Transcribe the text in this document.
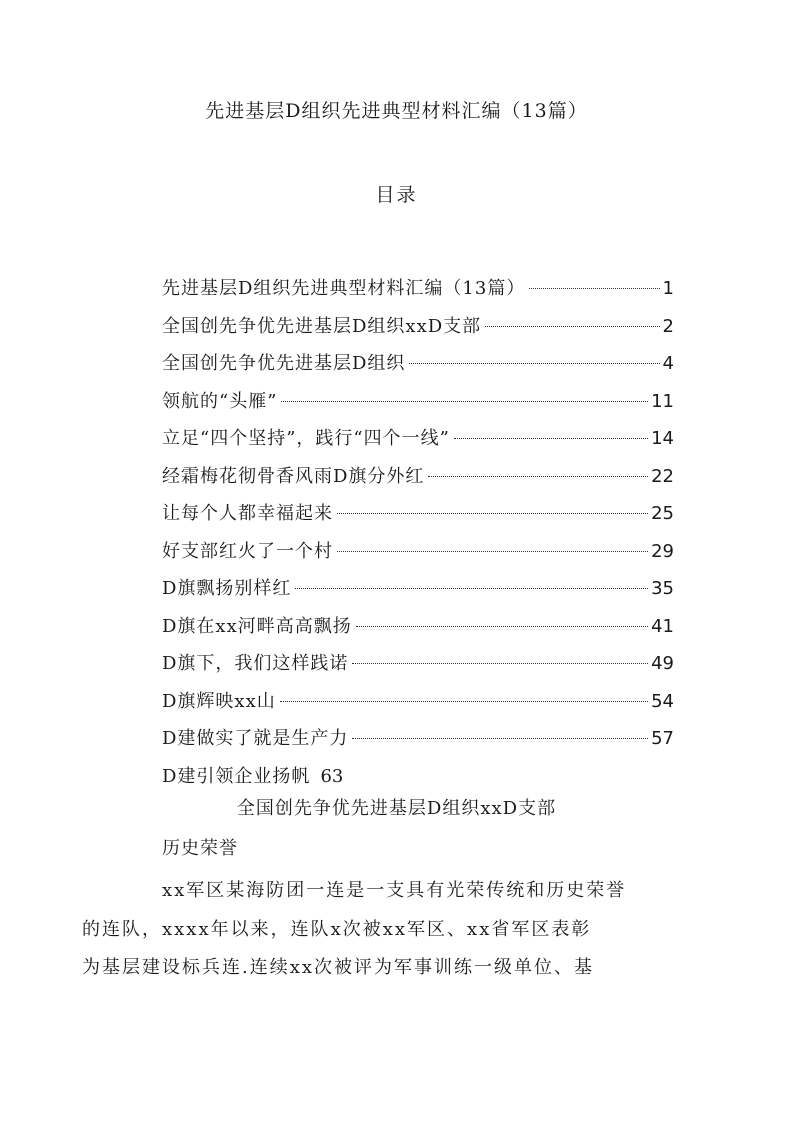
先进基层D组织先进典型材料汇编（13篇）
目录
先进基层D组织先进典型材料汇编（13篇）	1
全国创先争优先进基层D组织xxD支部	2
全国创先争优先进基层D组织	4
领航的“头雁”	11
立足“四个坚持”，践行“四个一线”	14
经霜梅花彻骨香风雨D旗分外红	22
让每个人都幸福起来	25
好支部红火了一个村	29
D旗飘扬别样红	35
D旗在xx河畔高高飘扬	41
D旗下，我们这样践诺	49
D旗辉映xx山	54
D建做实了就是生产力	57
D建引领企业扬帆 63
全国创先争优先进基层D组织xxD支部
历史荣誉

xx军区某海防团一连是一支具有光荣传统和历史荣誉
的连队，xxxx年以来，连队x次被xx军区、xx省军区表彰
为基层建设标兵连.连续xx次被评为军事训练一级单位、基
